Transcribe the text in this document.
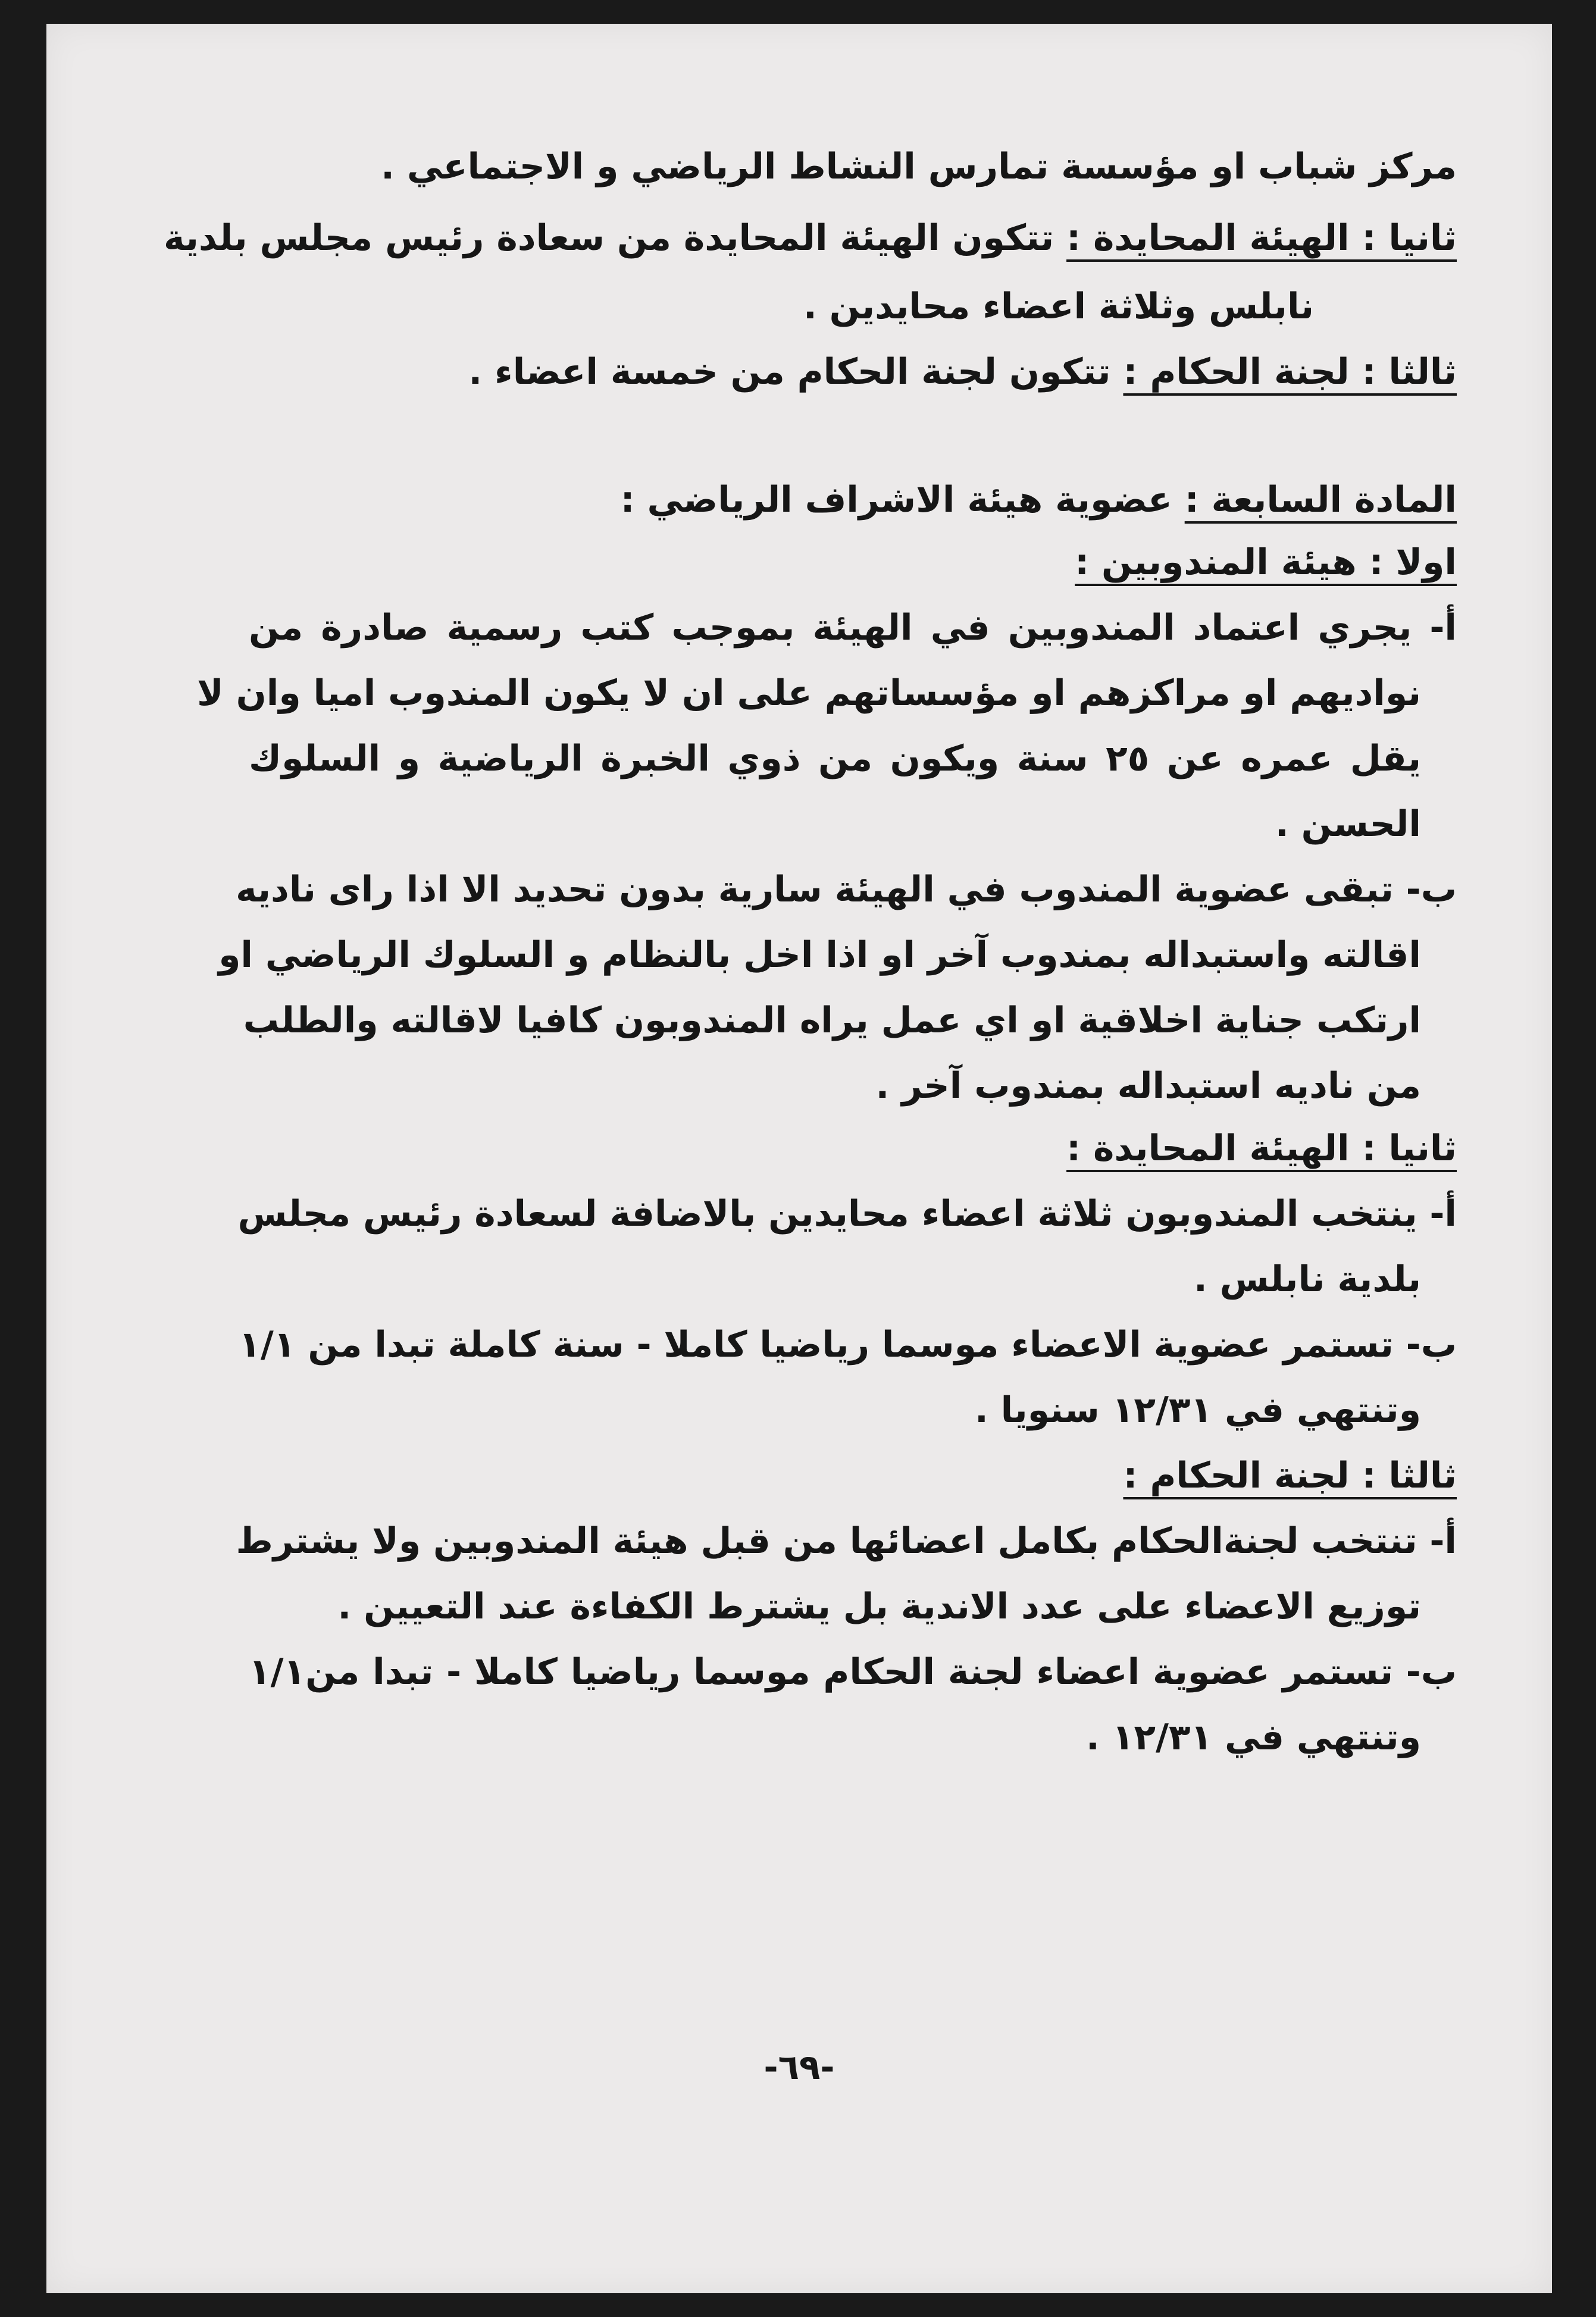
مركز شباب او مؤسسة تمارس النشاط الرياضي و الاجتماعي .
ثانيا : الهيئة المحايدة : تتكون الهيئة المحايدة من سعادة رئيس مجلس بلدية
نابلس وثلاثة اعضاء محايدين .
ثالثا : لجنة الحكام : تتكون لجنة الحكام من خمسة اعضاء .
المادة السابعة : عضوية هيئة الاشراف الرياضي :
اولا : هيئة المندوبين :
أ- يجري اعتماد المندوبين في الهيئة بموجب كتب رسمية صادرة من
نواديهم او مراكزهم او مؤسساتهم على ان لا يكون المندوب اميا وان لا
يقل عمره عن ٢٥ سنة ويكون من ذوي الخبرة الرياضية و السلوك
الحسن .
ب- تبقى عضوية المندوب في الهيئة سارية بدون تحديد الا اذا راى ناديه
اقالته واستبداله بمندوب آخر او اذا اخل بالنظام و السلوك الرياضي او
ارتكب جناية اخلاقية او اي عمل يراه المندوبون كافيا لاقالته والطلب
من ناديه استبداله بمندوب آخر .
ثانيا : الهيئة المحايدة :
أ- ينتخب المندوبون ثلاثة اعضاء محايدين بالاضافة لسعادة رئيس مجلس
بلدية نابلس .
ب- تستمر عضوية الاعضاء موسما رياضيا كاملا - سنة كاملة تبدا من ١/١
وتنتهي في ١٢/٣١ سنويا .
ثالثا : لجنة الحكام :
أ- تنتخب لجنةالحكام بكامل اعضائها من قبل هيئة المندوبين ولا يشترط
توزيع الاعضاء على عدد الاندية بل يشترط الكفاءة عند التعيين .
ب- تستمر عضوية اعضاء لجنة الحكام موسما رياضيا كاملا - تبدا من١/١
وتنتهي في ١٢/٣١ .
-٦٩-
